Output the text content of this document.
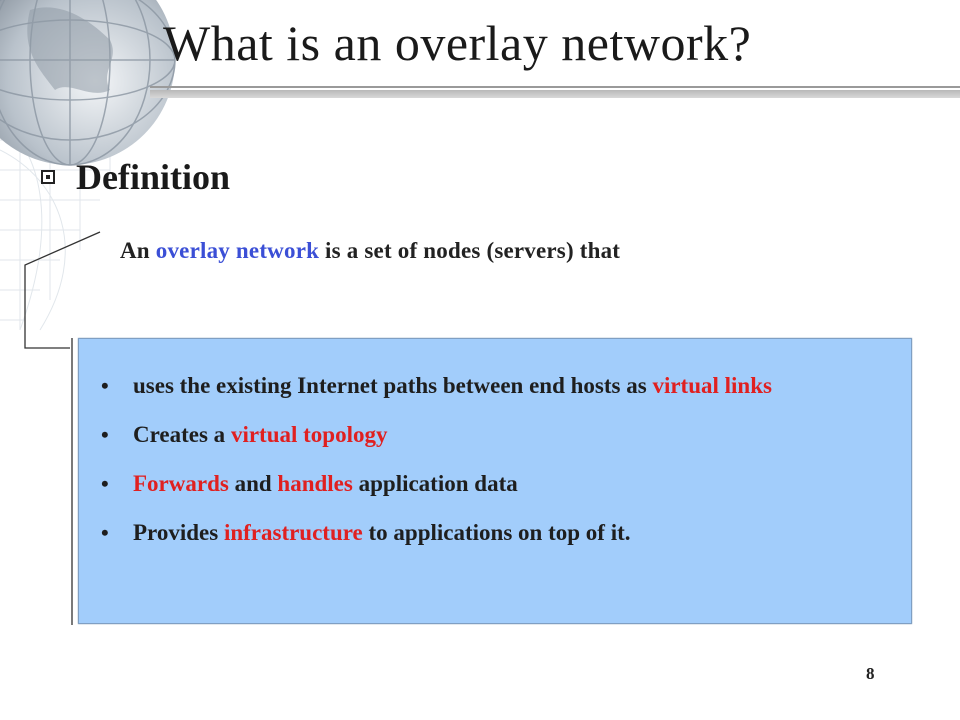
What is an overlay network?
Definition
An overlay network is a set of nodes (servers) that
• uses the existing Internet paths between end hosts as virtual links
• Creates a virtual topology
• Forwards and handles application data
• Provides infrastructure to applications on top of it.
8
